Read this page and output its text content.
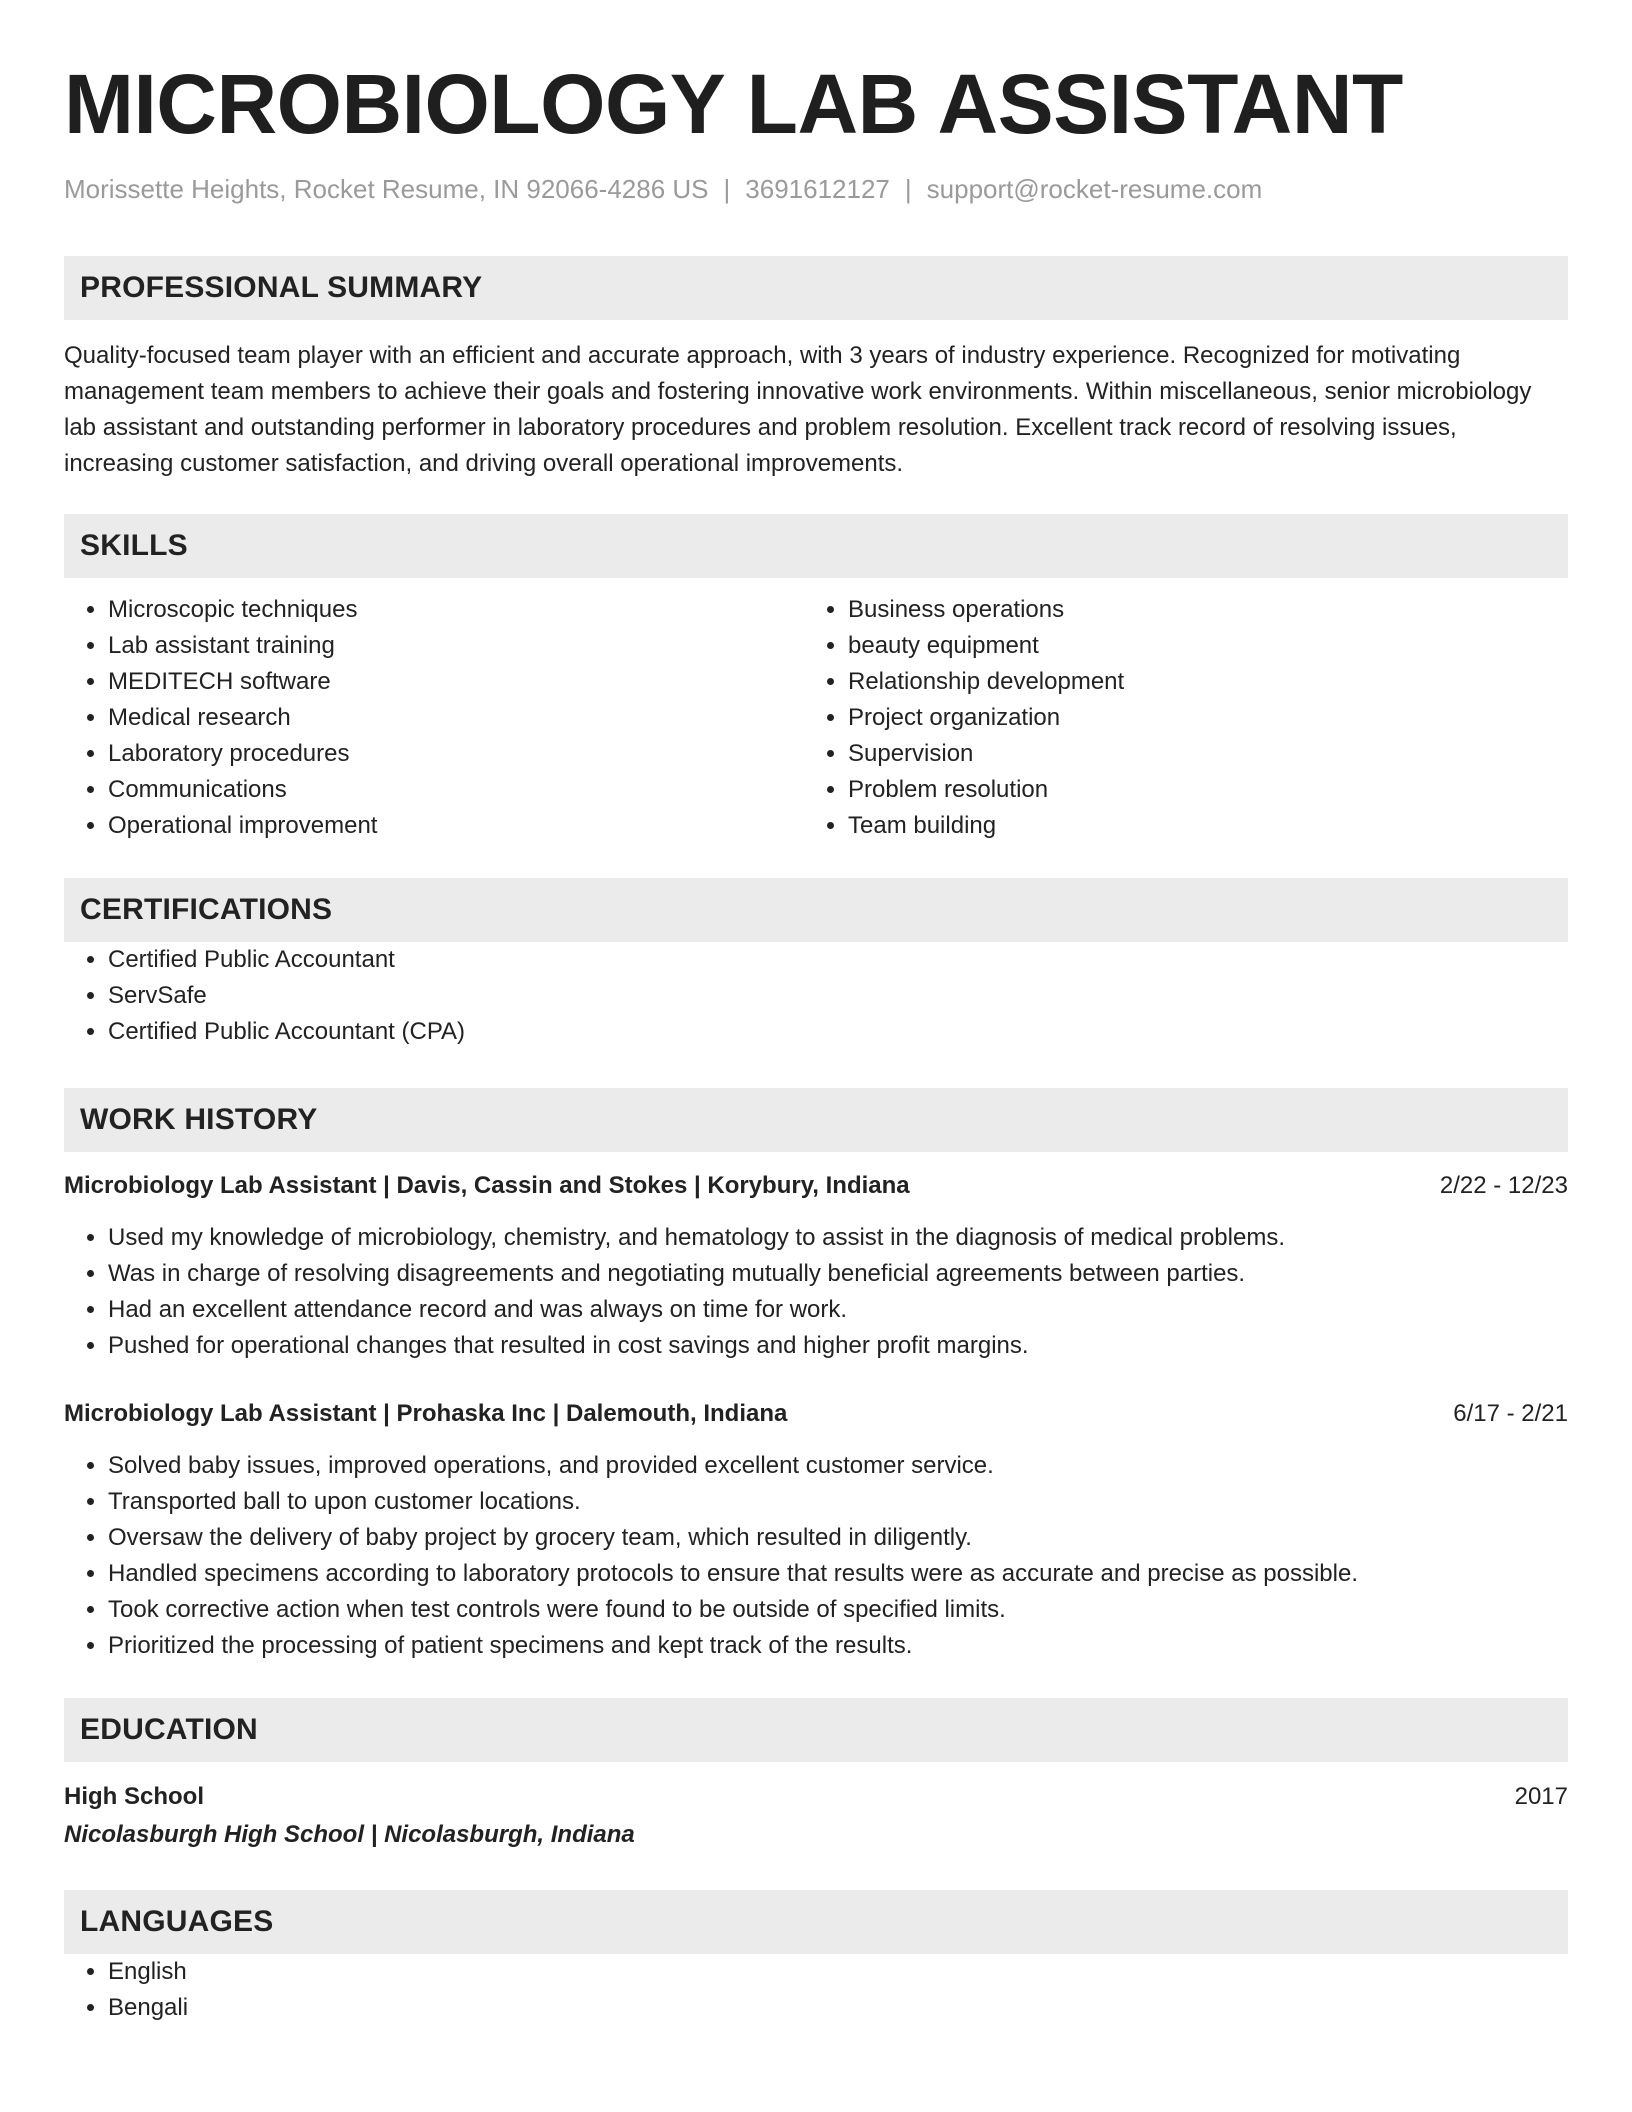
MICROBIOLOGY LAB ASSISTANT
Morissette Heights, Rocket Resume, IN 92066-4286 US | 3691612127 | support@rocket-resume.com
PROFESSIONAL SUMMARY
Quality-focused team player with an efficient and accurate approach, with 3 years of industry experience. Recognized for motivating management team members to achieve their goals and fostering innovative work environments. Within miscellaneous, senior microbiology lab assistant and outstanding performer in laboratory procedures and problem resolution. Excellent track record of resolving issues, increasing customer satisfaction, and driving overall operational improvements.
SKILLS
• Microscopic techniques
• Lab assistant training
• MEDITECH software
• Medical research
• Laboratory procedures
• Communications
• Operational improvement
• Business operations
• beauty equipment
• Relationship development
• Project organization
• Supervision
• Problem resolution
• Team building
CERTIFICATIONS
• Certified Public Accountant
• ServSafe
• Certified Public Accountant (CPA)
WORK HISTORY
Microbiology Lab Assistant | Davis, Cassin and Stokes | Korybury, Indiana	2/22 - 12/23
• Used my knowledge of microbiology, chemistry, and hematology to assist in the diagnosis of medical problems.
• Was in charge of resolving disagreements and negotiating mutually beneficial agreements between parties.
• Had an excellent attendance record and was always on time for work.
• Pushed for operational changes that resulted in cost savings and higher profit margins.
Microbiology Lab Assistant | Prohaska Inc | Dalemouth, Indiana	6/17 - 2/21
• Solved baby issues, improved operations, and provided excellent customer service.
• Transported ball to upon customer locations.
• Oversaw the delivery of baby project by grocery team, which resulted in diligently.
• Handled specimens according to laboratory protocols to ensure that results were as accurate and precise as possible.
• Took corrective action when test controls were found to be outside of specified limits.
• Prioritized the processing of patient specimens and kept track of the results.
EDUCATION
High School	2017
Nicolasburgh High School | Nicolasburgh, Indiana
LANGUAGES
• English
• Bengali
